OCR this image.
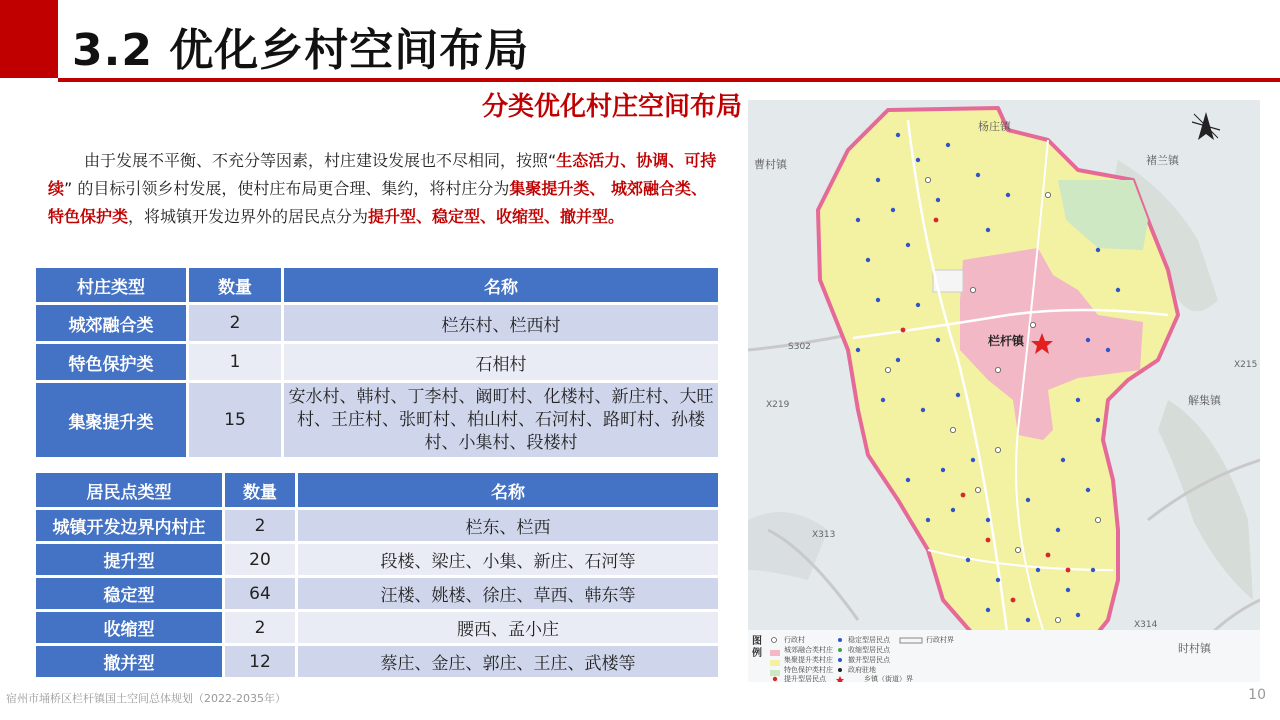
3.2 优化乡村空间布局
分类优化村庄空间布局
由于发展不平衡、不充分等因素，村庄建设发展也不尽相同，按照“生态活力、协调、可持续” 的目标引领乡村发展，使村庄布局更合理、集约，将村庄分为集聚提升类、 城郊融合类、特色保护类，将城镇开发边界外的居民点分为提升型、稳定型、收缩型、撤并型。
村庄类型	数量	名称
城郊融合类	2	栏东村、栏西村
特色保护类	1	石相村
集聚提升类	15	安水村、韩村、丁李村、阚町村、化楼村、新庄村、大旺村、王庄村、张町村、柏山村、石河村、路町村、孙楼村、小集村、段楼村
居民点类型	数量	名称
城镇开发边界内村庄	2	栏东、栏西
提升型	20	段楼、梁庄、小集、新庄、石河等
稳定型	64	汪楼、姚楼、徐庄、草西、韩东等
收缩型	2	腰西、孟小庄
撤并型	12	蔡庄、金庄、郭庄、王庄、武楼等
杨庄镇
曹村镇	褚兰镇
解集镇
时村镇
栏杆镇
S302
X219
X215
X313
X314
图例
行政村
城郊融合类村庄
集聚提升类村庄
特色保护类村庄
提升型居民点
稳定型居民点
收缩型居民点
撤并型居民点
政府驻地
行政村界
乡镇（街道）界
宿州市埇桥区栏杆镇国土空间总体规划（2022-2035年）	10
